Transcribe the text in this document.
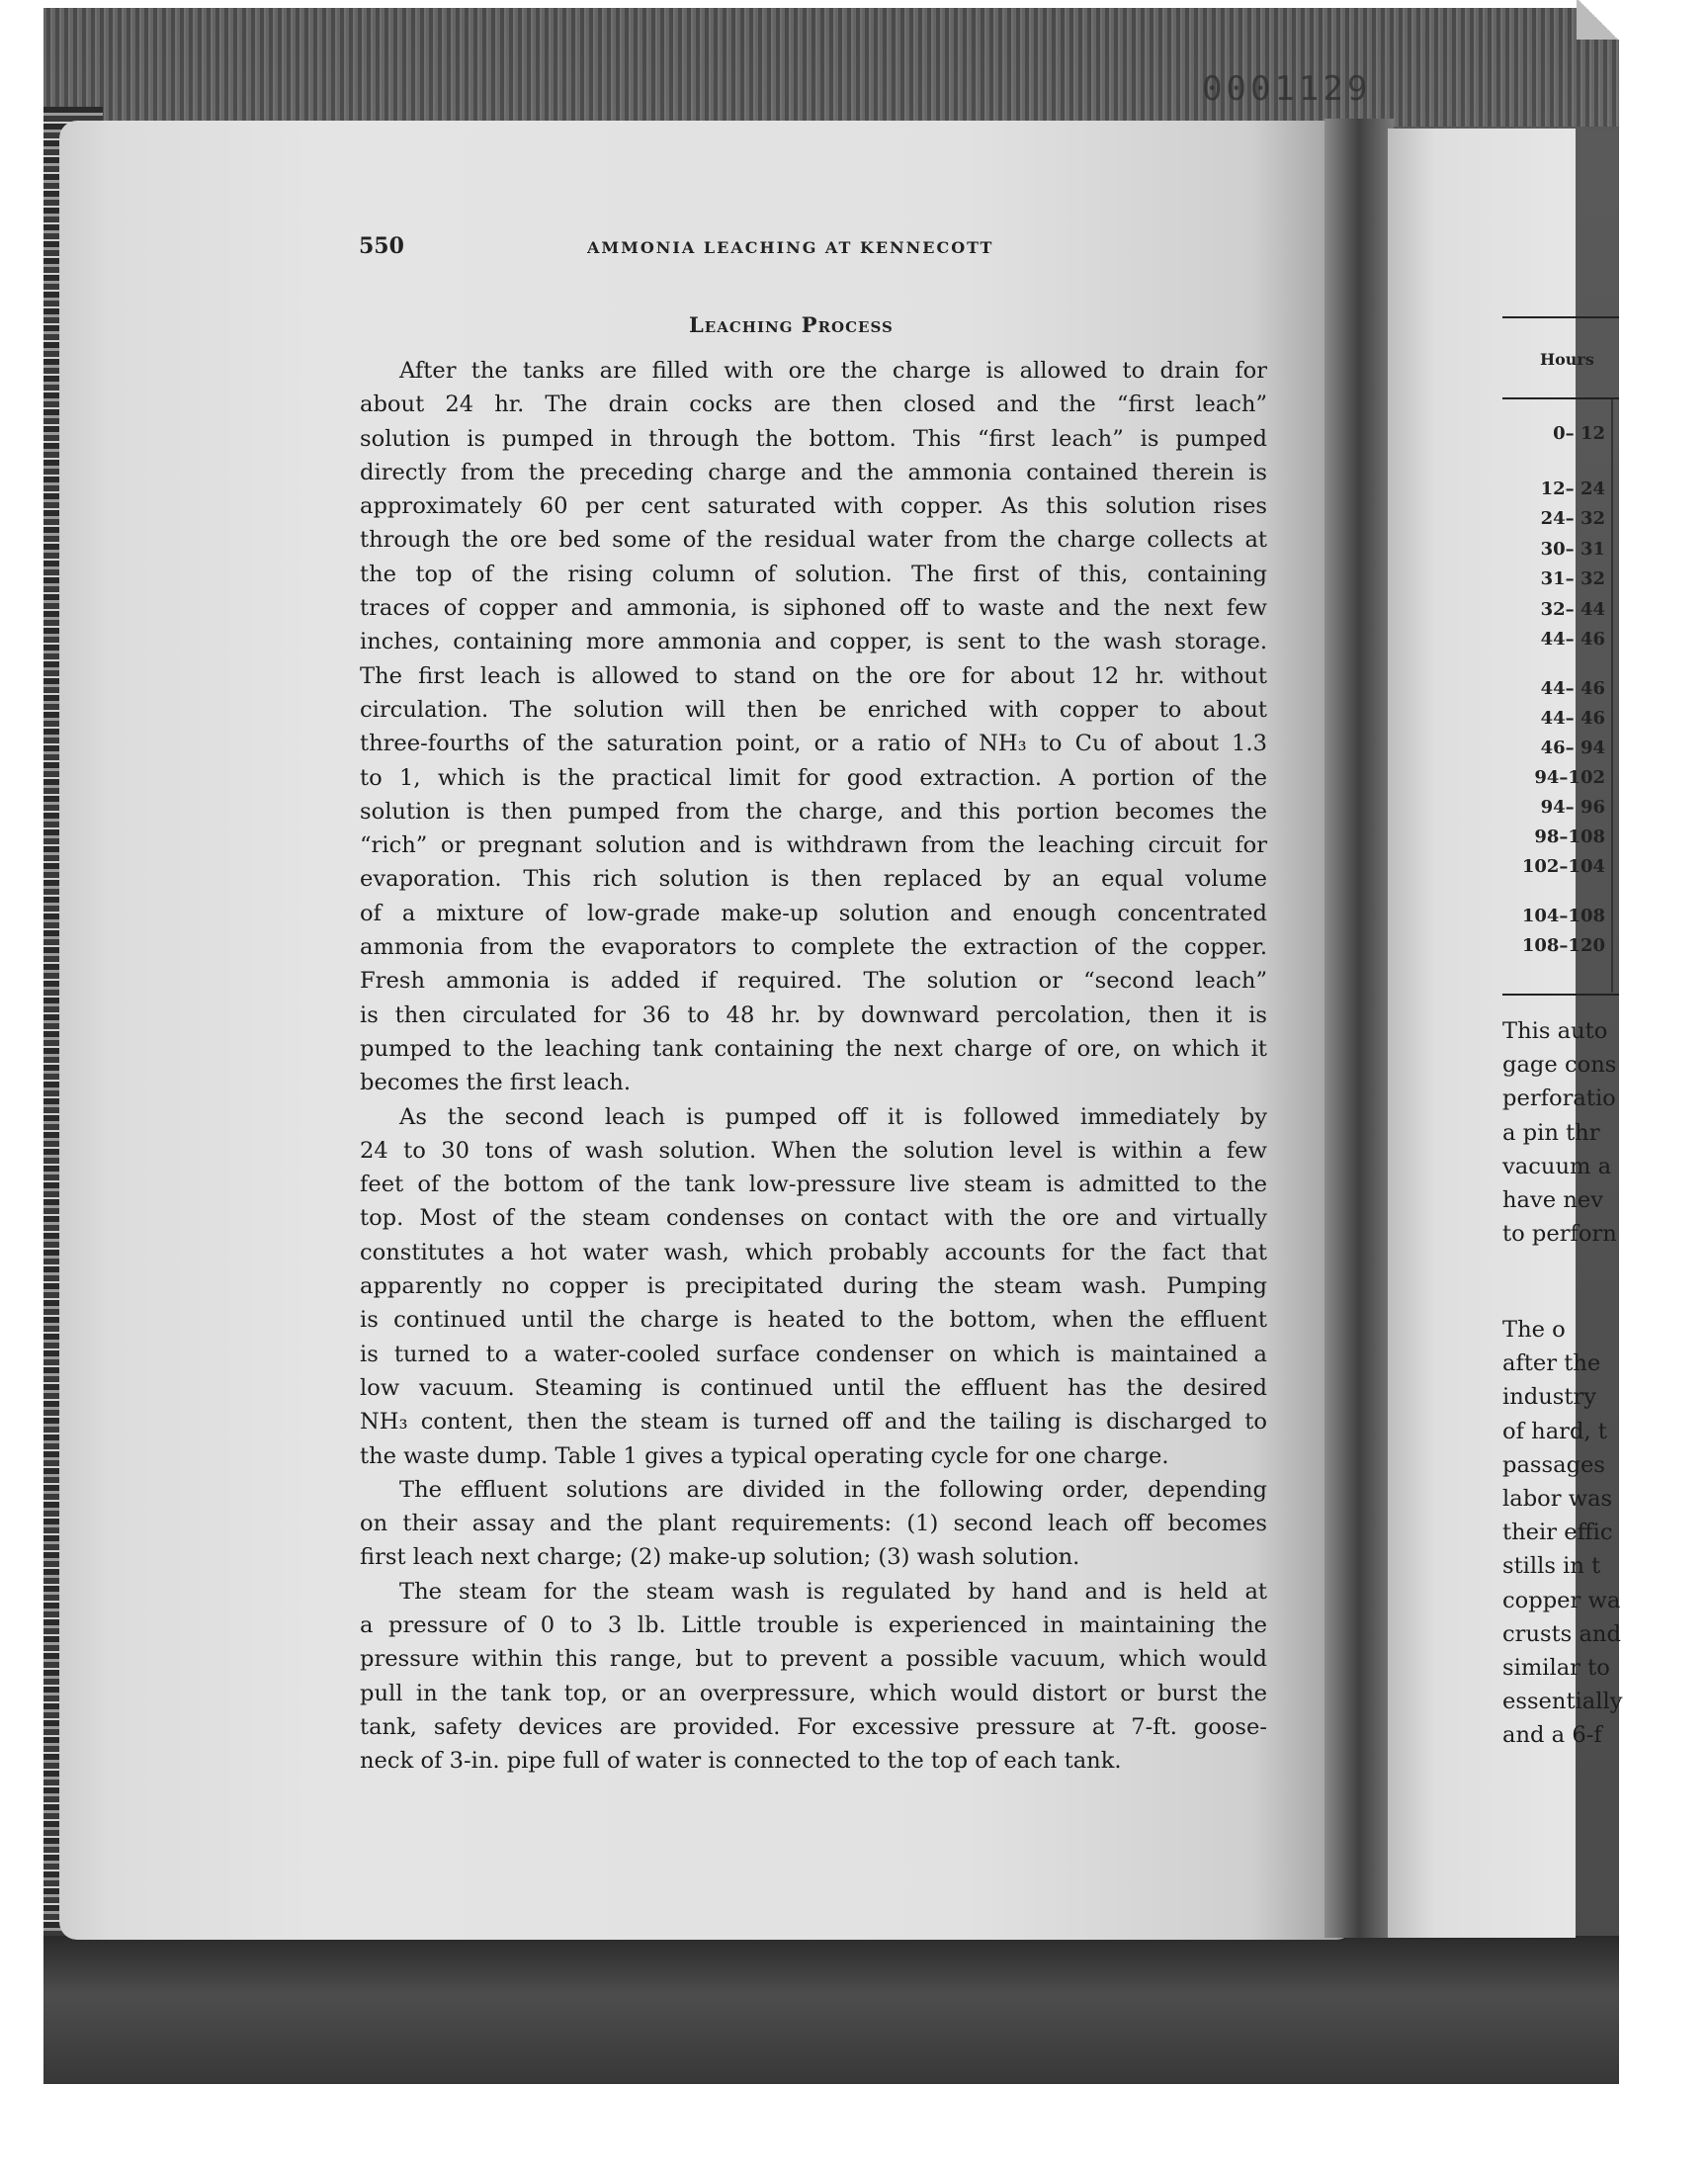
0001129
550	AMMONIA LEACHING AT KENNECOTT
Leaching Process
After the tanks are filled with ore the charge is allowed to drain for
about 24 hr. The drain cocks are then closed and the “first leach”
solution is pumped in through the bottom. This “first leach” is pumped
directly from the preceding charge and the ammonia contained therein is
approximately 60 per cent saturated with copper. As this solution rises
through the ore bed some of the residual water from the charge collects at
the top of the rising column of solution. The first of this, containing
traces of copper and ammonia, is siphoned off to waste and the next few
inches, containing more ammonia and copper, is sent to the wash storage.
The first leach is allowed to stand on the ore for about 12 hr. without
circulation. The solution will then be enriched with copper to about
three-fourths of the saturation point, or a ratio of NH₃ to Cu of about 1.3
to 1, which is the practical limit for good extraction. A portion of the
solution is then pumped from the charge, and this portion becomes the
“rich” or pregnant solution and is withdrawn from the leaching circuit for
evaporation. This rich solution is then replaced by an equal volume
of a mixture of low-grade make-up solution and enough concentrated
ammonia from the evaporators to complete the extraction of the copper.
Fresh ammonia is added if required. The solution or “second leach”
is then circulated for 36 to 48 hr. by downward percolation, then it is
pumped to the leaching tank containing the next charge of ore, on which it
becomes the first leach.
As the second leach is pumped off it is followed immediately by
24 to 30 tons of wash solution. When the solution level is within a few
feet of the bottom of the tank low-pressure live steam is admitted to the
top. Most of the steam condenses on contact with the ore and virtually
constitutes a hot water wash, which probably accounts for the fact that
apparently no copper is precipitated during the steam wash. Pumping
is continued until the charge is heated to the bottom, when the effluent
is turned to a water-cooled surface condenser on which is maintained a
low vacuum. Steaming is continued until the effluent has the desired
NH₃ content, then the steam is turned off and the tailing is discharged to
the waste dump. Table 1 gives a typical operating cycle for one charge.
The effluent solutions are divided in the following order, depending
on their assay and the plant requirements: (1) second leach off becomes
first leach next charge; (2) make-up solution; (3) wash solution.
The steam for the steam wash is regulated by hand and is held at
a pressure of 0 to 3 lb. Little trouble is experienced in maintaining the
pressure within this range, but to prevent a possible vacuum, which would
pull in the tank top, or an overpressure, which would distort or burst the
tank, safety devices are provided. For excessive pressure at 7-ft. goose-
neck of 3-in. pipe full of water is connected to the top of each tank.
Hours
0– 12
12– 24
24– 32
30– 31
31– 32
32– 44
44– 46
44– 46
44– 46
46– 94
94–102
94– 96
98–108
102–104
104–108
108–120
This auto
gage cons
perforatio
a pin thr
vacuum a
have nev
to perforn
The o
after the
industry
of hard, t
passages
labor was
their effic
stills in t
copper wa
crusts and
similar to
essentially
and a 6-f
